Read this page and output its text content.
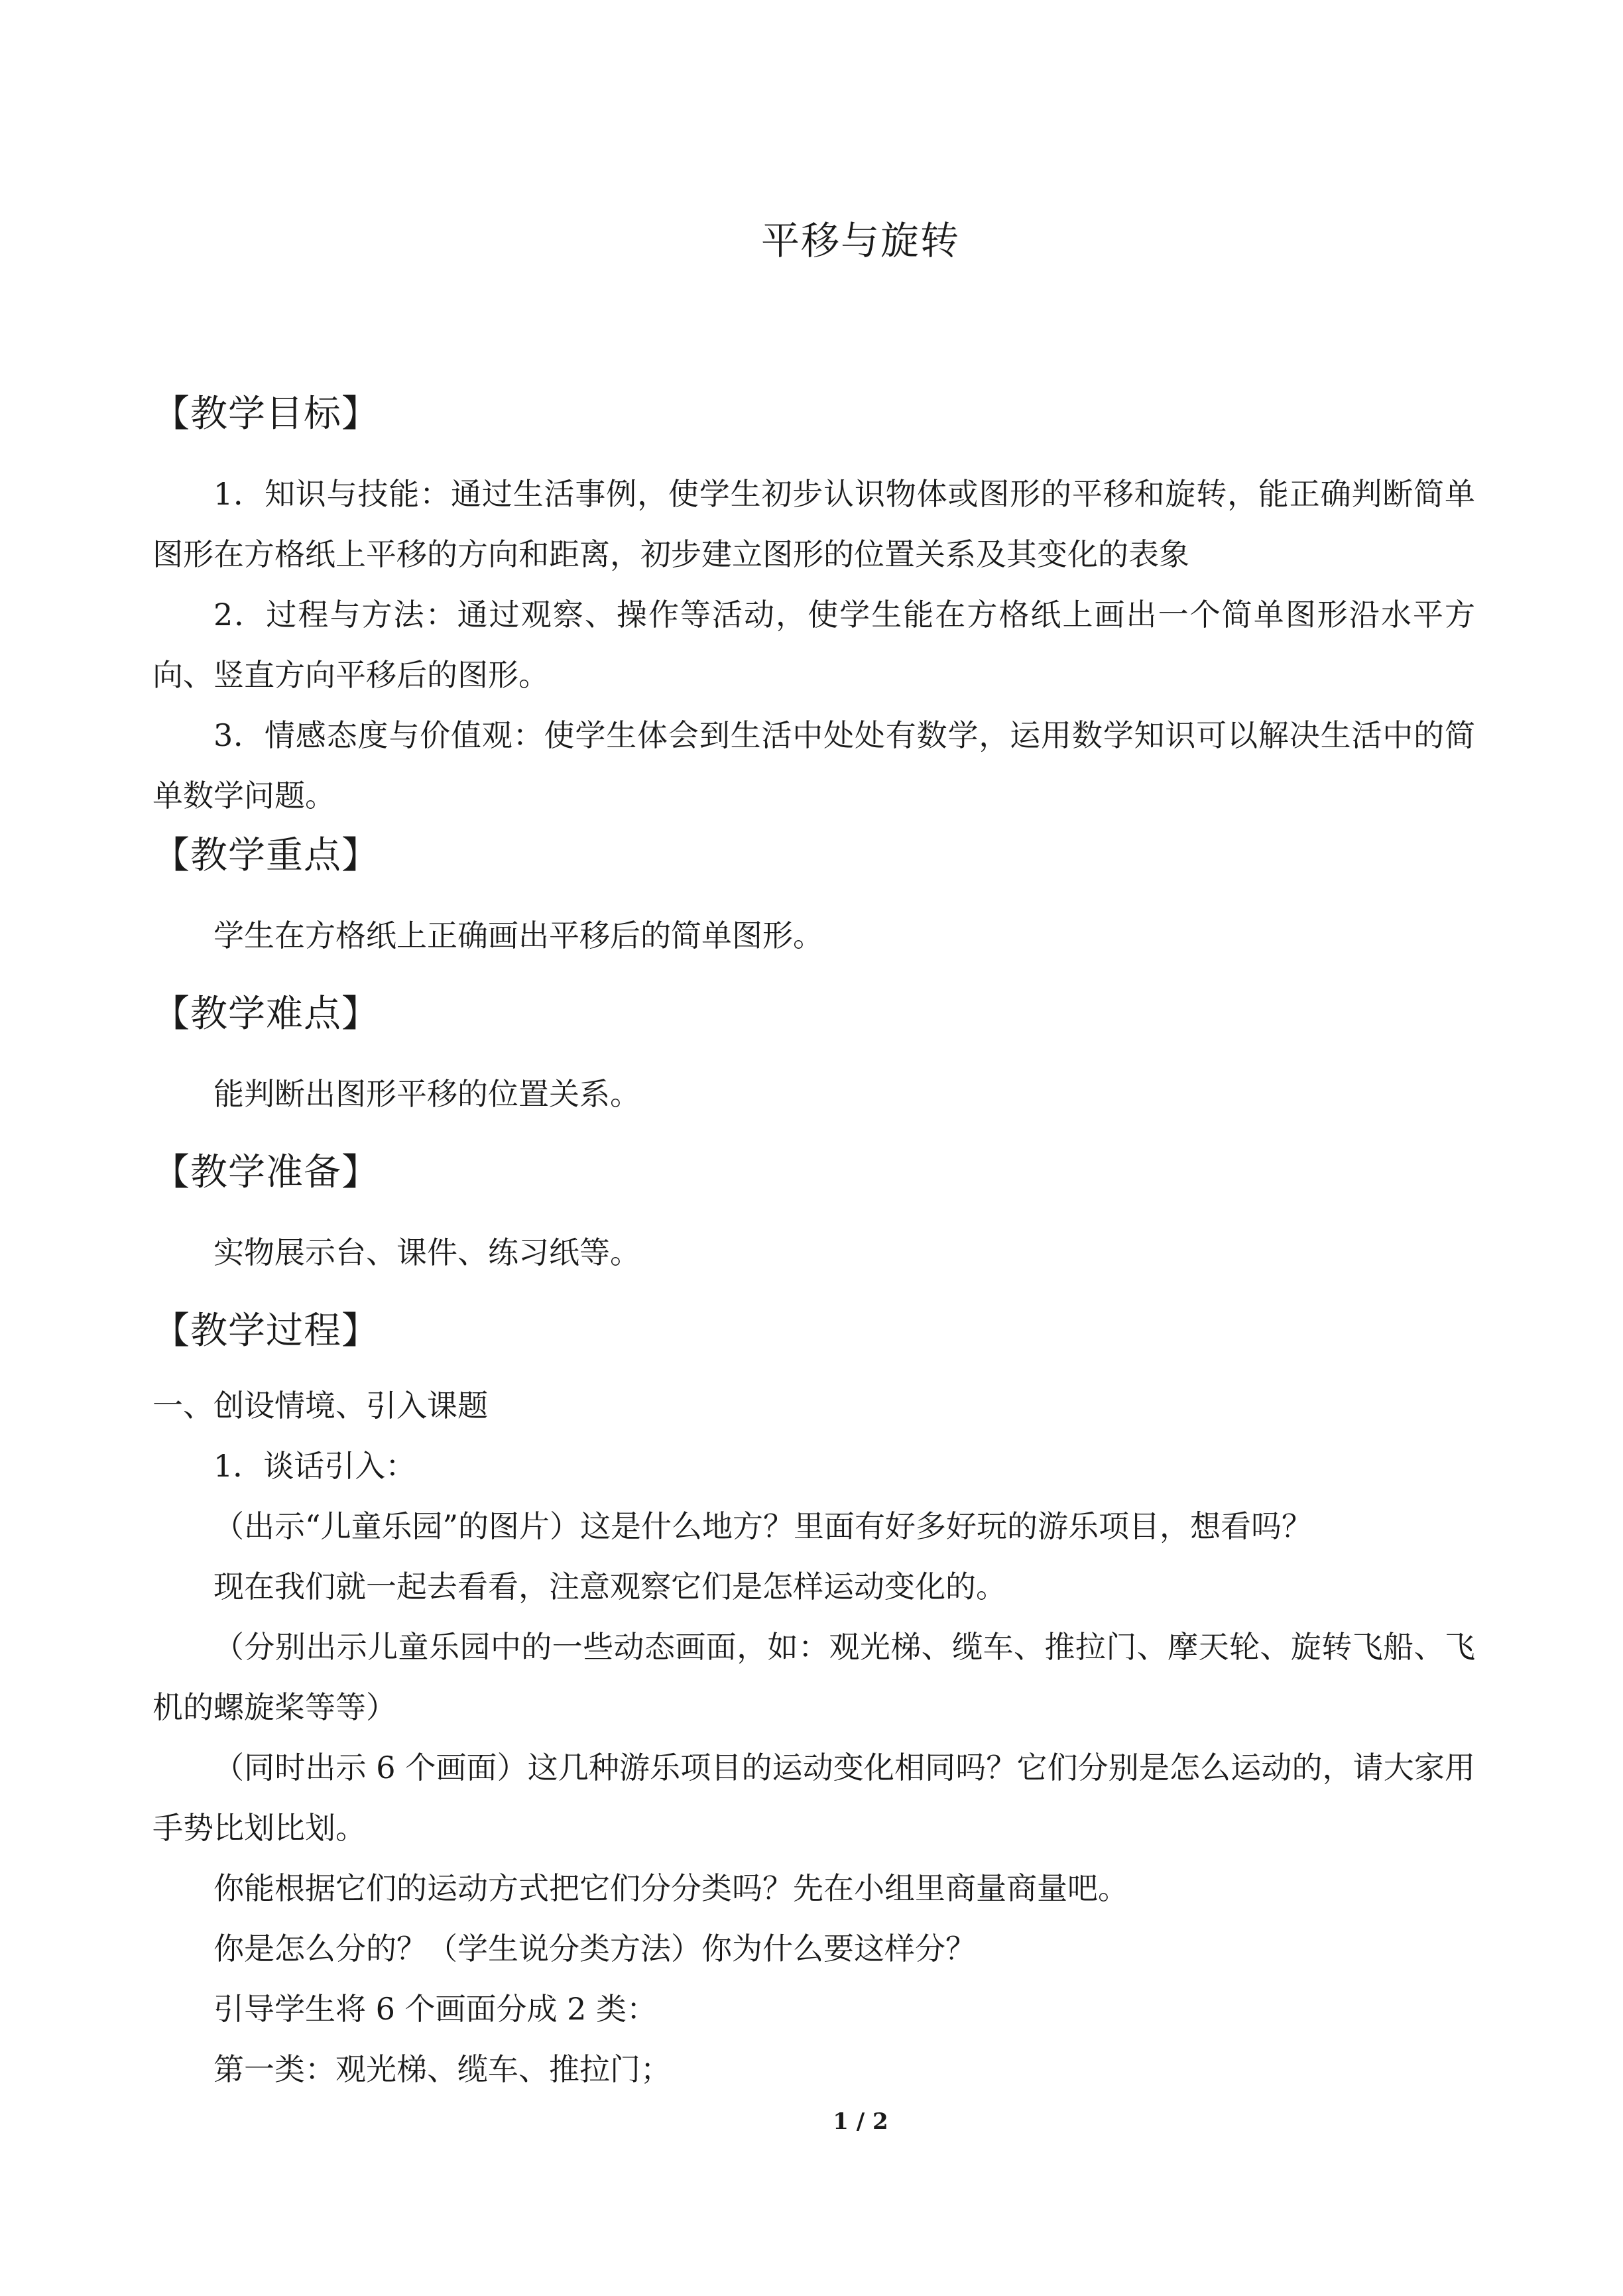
平移与旋转
【教学目标】

1．知识与技能：通过生活事例，使学生初步认识物体或图形的平移和旋转，能正确判断简单图形在方格纸上平移的方向和距离，初步建立图形的位置关系及其变化的表象

2．过程与方法：通过观察、操作等活动，使学生能在方格纸上画出一个简单图形沿水平方向、竖直方向平移后的图形。

3．情感态度与价值观：使学生体会到生活中处处有数学，运用数学知识可以解决生活中的简单数学问题。

【教学重点】

学生在方格纸上正确画出平移后的简单图形。

【教学难点】

能判断出图形平移的位置关系。

【教学准备】

实物展示台、课件、练习纸等。

【教学过程】

一、创设情境、引入课题

1．谈话引入：

（出示“儿童乐园”的图片）这是什么地方？里面有好多好玩的游乐项目，想看吗？

现在我们就一起去看看，注意观察它们是怎样运动变化的。

（分别出示儿童乐园中的一些动态画面，如：观光梯、缆车、推拉门、摩天轮、旋转飞船、飞机的螺旋桨等等）

（同时出示 6 个画面）这几种游乐项目的运动变化相同吗？它们分别是怎么运动的，请大家用手势比划比划。

你能根据它们的运动方式把它们分分类吗？先在小组里商量商量吧。

你是怎么分的？（学生说分类方法）你为什么要这样分？

引导学生将 6 个画面分成 2 类：

第一类：观光梯、缆车、推拉门；

1 / 2
